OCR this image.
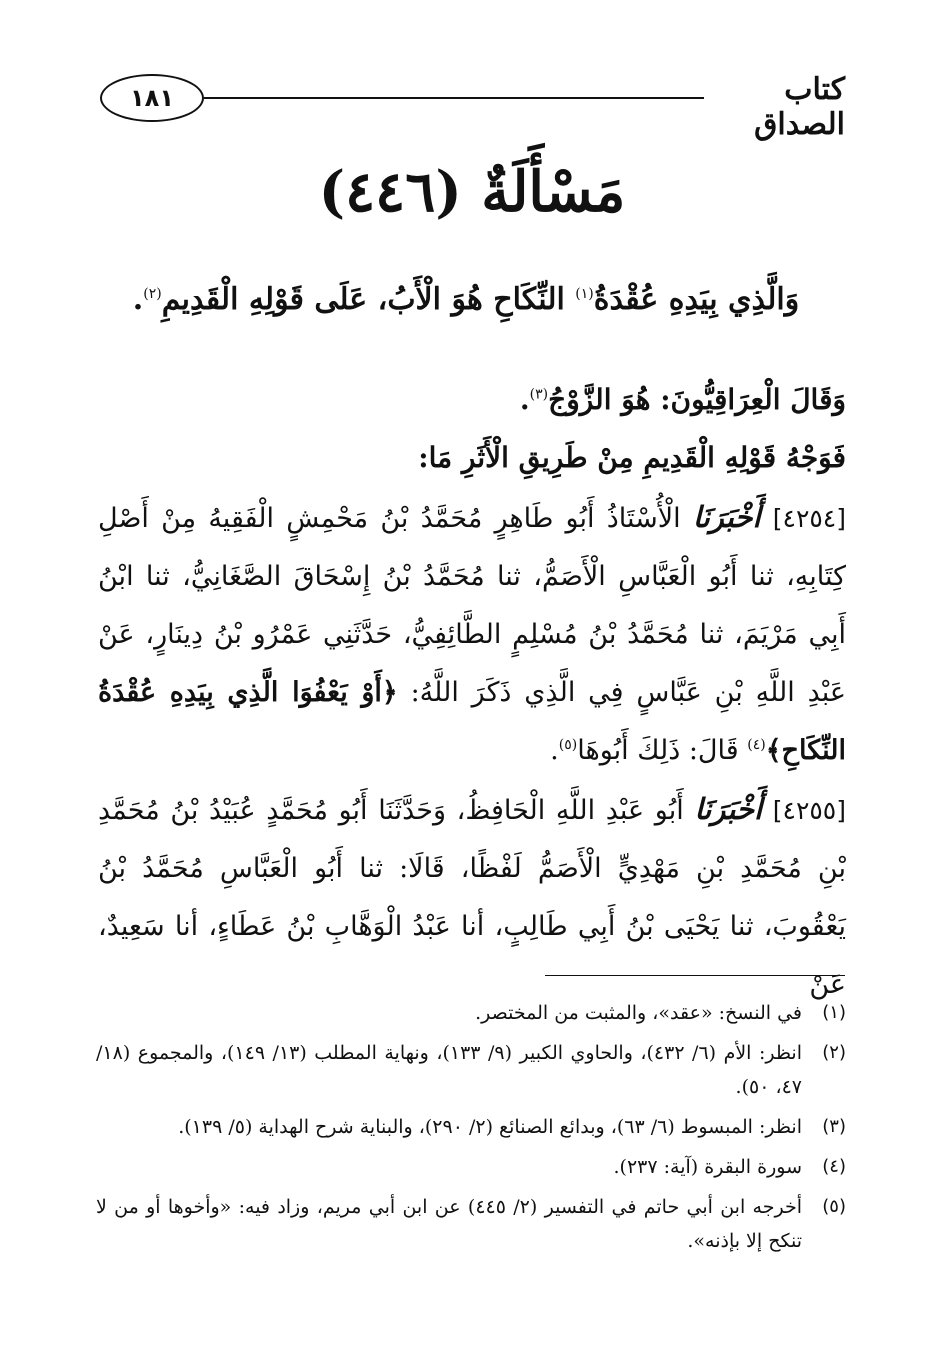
١٨١	كتاب الصداق
مَسْأَلَةٌ (٤٤٦)
وَالَّذِي بِيَدِهِ عُقْدَةُ$^{(١)}$ النِّكَاحِ هُوَ الْأَبُ، عَلَى قَوْلِهِ الْقَدِيمِ$^{(٢)}$.
وَقَالَ الْعِرَاقِيُّونَ: هُوَ الزَّوْجُ$^{(٣)}$.
فَوَجْهُ قَوْلِهِ الْقَدِيمِ مِنْ طَرِيقِ الْأَثَرِ مَا:
[٤٢٥٤] أَخْبَرَنَا الْأُسْتَاذُ أَبُو طَاهِرٍ مُحَمَّدُ بْنُ مَحْمِشٍ الْفَقِيهُ مِنْ أَصْلِ كِتَابِهِ، ثنا أَبُو الْعَبَّاسِ الْأَصَمُّ، ثنا مُحَمَّدُ بْنُ إِسْحَاقَ الصَّغَانِيُّ، ثنا ابْنُ أَبِي مَرْيَمَ، ثنا مُحَمَّدُ بْنُ مُسْلِمٍ الطَّائِفِيُّ، حَدَّثَنِي عَمْرُو بْنُ دِينَارٍ، عَنْ عَبْدِ اللَّهِ بْنِ عَبَّاسٍ فِي الَّذِي ذَكَرَ اللَّهُ: ﴿أَوْ يَعْفُوَا الَّذِي بِيَدِهِ عُقْدَةُ النِّكَاحِ﴾$^{(٤)}$ قَالَ: ذَلِكَ أَبُوهَا$^{(٥)}$.
[٤٢٥٥] أَخْبَرَنَا أَبُو عَبْدِ اللَّهِ الْحَافِظُ، وَحَدَّثَنَا أَبُو مُحَمَّدٍ عُبَيْدُ بْنُ مُحَمَّدِ بْنِ مُحَمَّدِ بْنِ مَهْدِيٍّ الْأَصَمُّ لَفْظًا، قَالَا: ثنا أَبُو الْعَبَّاسِ مُحَمَّدُ بْنُ يَعْقُوبَ، ثنا يَحْيَى بْنُ أَبِي طَالِبٍ، أنا عَبْدُ الْوَهَّابِ بْنُ عَطَاءٍ، أنا سَعِيدٌ، عَنْ
(١)
في النسخ: «عقد»، والمثبت من المختصر.
(٢)
انظر: الأم (٦/ ٤٣٢)، والحاوي الكبير (٩/ ١٣٣)، ونهاية المطلب (١٣/ ١٤٩)، والمجموع (١٨/ ٤٧، ٥٠).
(٣)
انظر: المبسوط (٦/ ٦٣)، وبدائع الصنائع (٢/ ٢٩٠)، والبناية شرح الهداية (٥/ ١٣٩).
(٤)
سورة البقرة (آية: ٢٣٧).
(٥)
أخرجه ابن أبي حاتم في التفسير (٢/ ٤٤٥) عن ابن أبي مريم، وزاد فيه: «وأخوها أو من لا تنكح إلا بإذنه».
